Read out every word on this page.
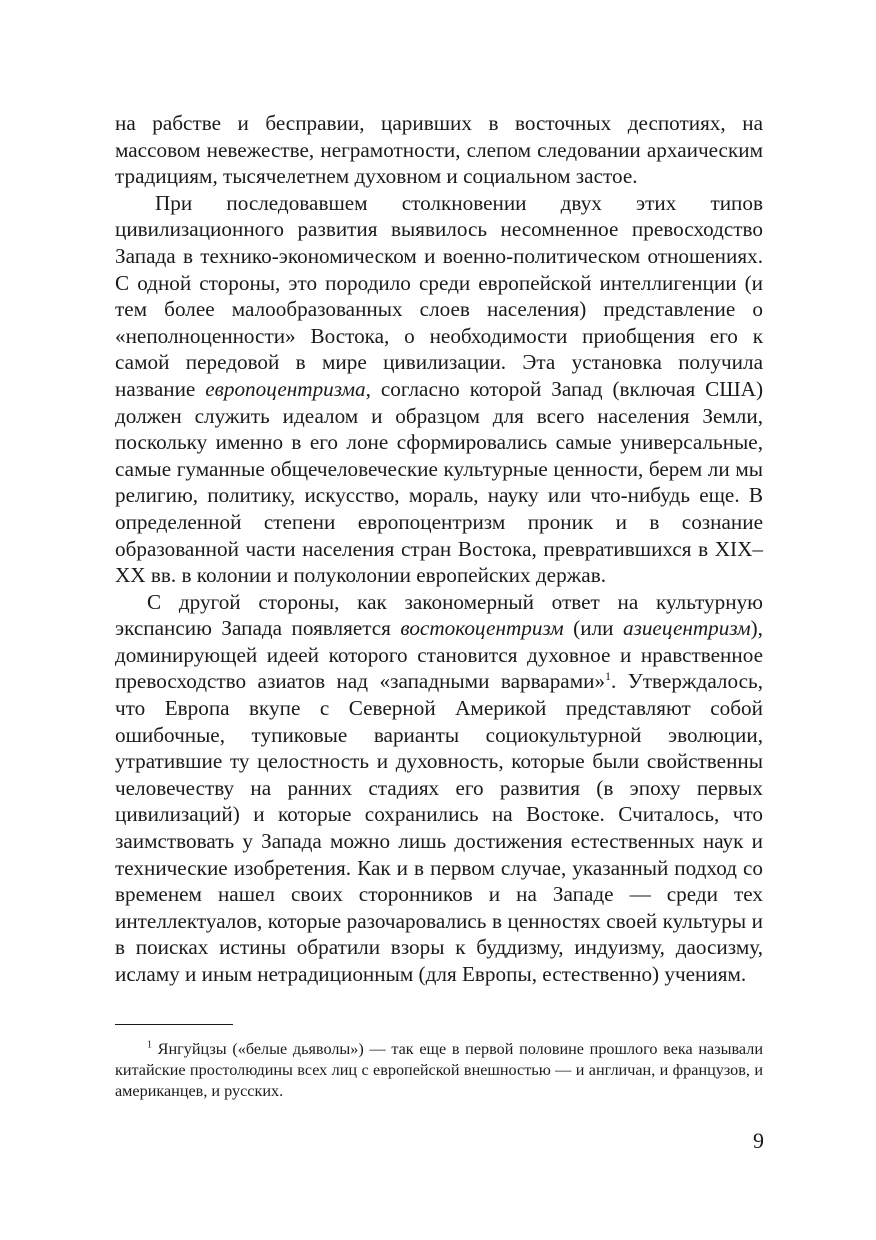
на рабстве и бесправии, царивших в восточных деспотиях, на массовом невежестве, неграмотности, слепом следовании архаическим традициям, тысячелетнем духовном и социальном застое.

При последовавшем столкновении двух этих типов цивилизационного развития выявилось несомненное превосходство Запада в технико-экономическом и военно-политическом отношениях. С одной стороны, это породило среди европейской интеллигенции (и тем более малообразованных слоев населения) представление о «неполноценности» Востока, о необходимости приобщения его к самой передовой в мире цивилизации. Эта установка получила название европоцентризма, согласно которой Запад (включая США) должен служить идеалом и образцом для всего населения Земли, поскольку именно в его лоне сформировались самые универсальные, самые гуманные общечеловеческие культурные ценности, берем ли мы религию, политику, искусство, мораль, науку или что-нибудь еще. В определенной степени европоцентризм проник и в сознание образованной части населения стран Востока, превратившихся в XIX–XX вв. в колонии и полуколонии европейских держав.

С другой стороны, как закономерный ответ на культурную экспансию Запада появляется востокоцентризм (или азиецентризм), доминирующей идеей которого становится духовное и нравственное превосходство азиатов над «западными варварами»$^1$. Утверждалось, что Европа вкупе с Северной Америкой представляют собой ошибочные, тупиковые варианты социокультурной эволюции, утратившие ту целостность и духовность, которые были свойственны человечеству на ранних стадиях его развития (в эпоху первых цивилизаций) и которые сохранились на Востоке. Считалось, что заимствовать у Запада можно лишь достижения естественных наук и технические изобретения. Как и в первом случае, указанный подход со временем нашел своих сторонников и на Западе — среди тех интеллектуалов, которые разочаровались в ценностях своей культуры и в поисках истины обратили взоры к буддизму, индуизму, даосизму, исламу и иным нетрадиционным (для Европы, естественно) учениям.

$^1$ Янгуйцзы («белые дьяволы») — так еще в первой половине прошлого века называли китайские простолюдины всех лиц с европейской внешностью — и англичан, и французов, и американцев, и русских.
9
